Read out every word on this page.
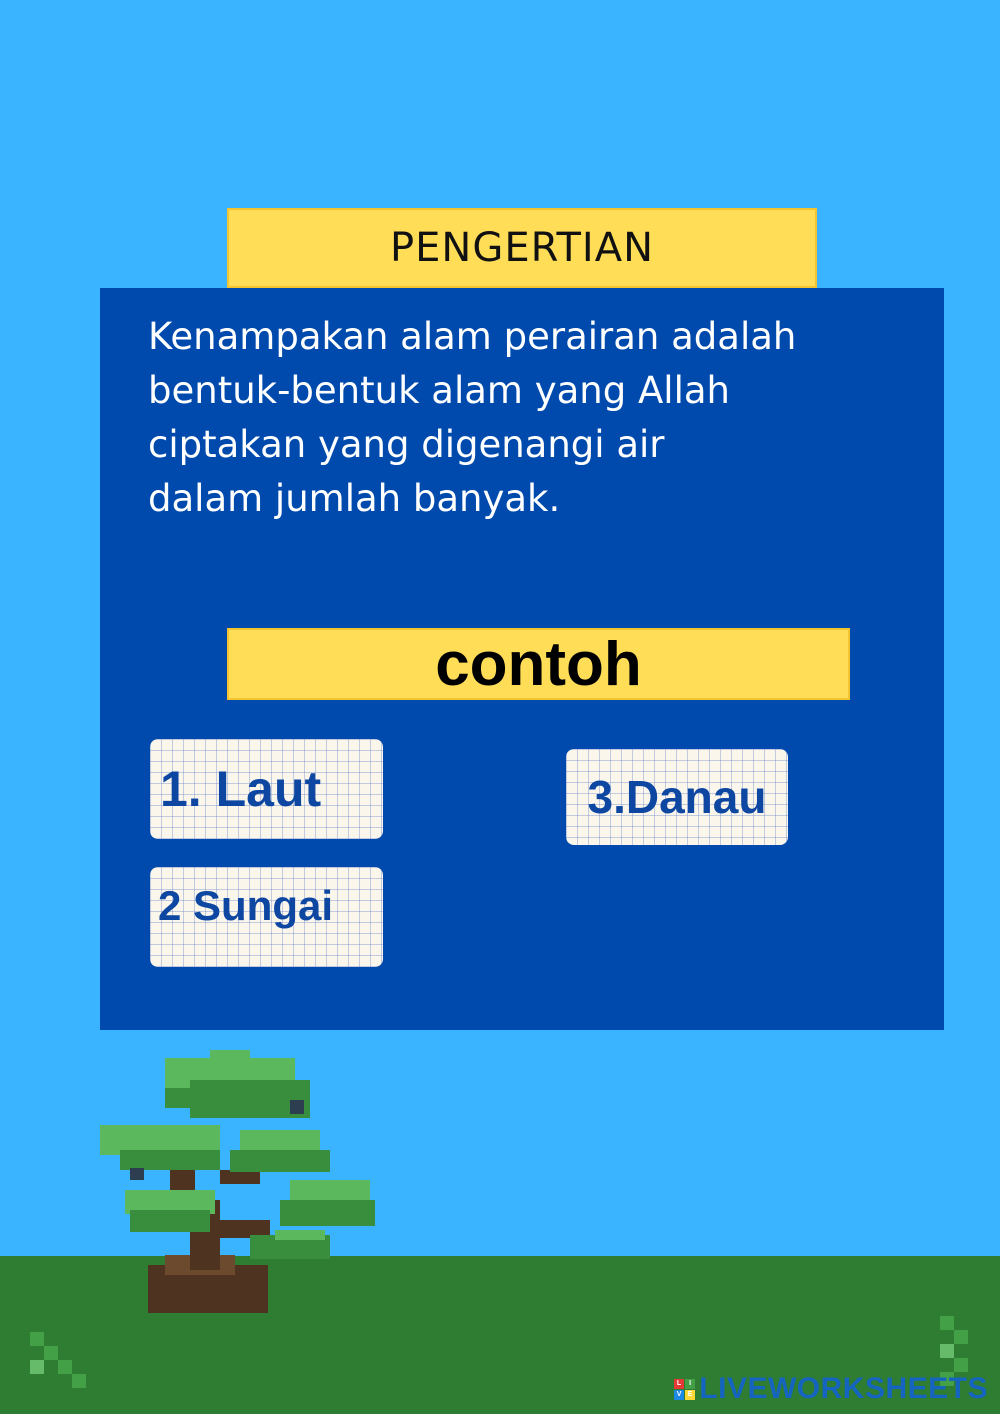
PENGERTIAN
Kenampakan alam perairan adalah
bentuk-bentuk alam yang Allah
ciptakan yang digenangi air
dalam jumlah banyak.
contoh
1. Laut
2 Sungai
3.Danau
L	I
V E LIVEWORKSHEETS
